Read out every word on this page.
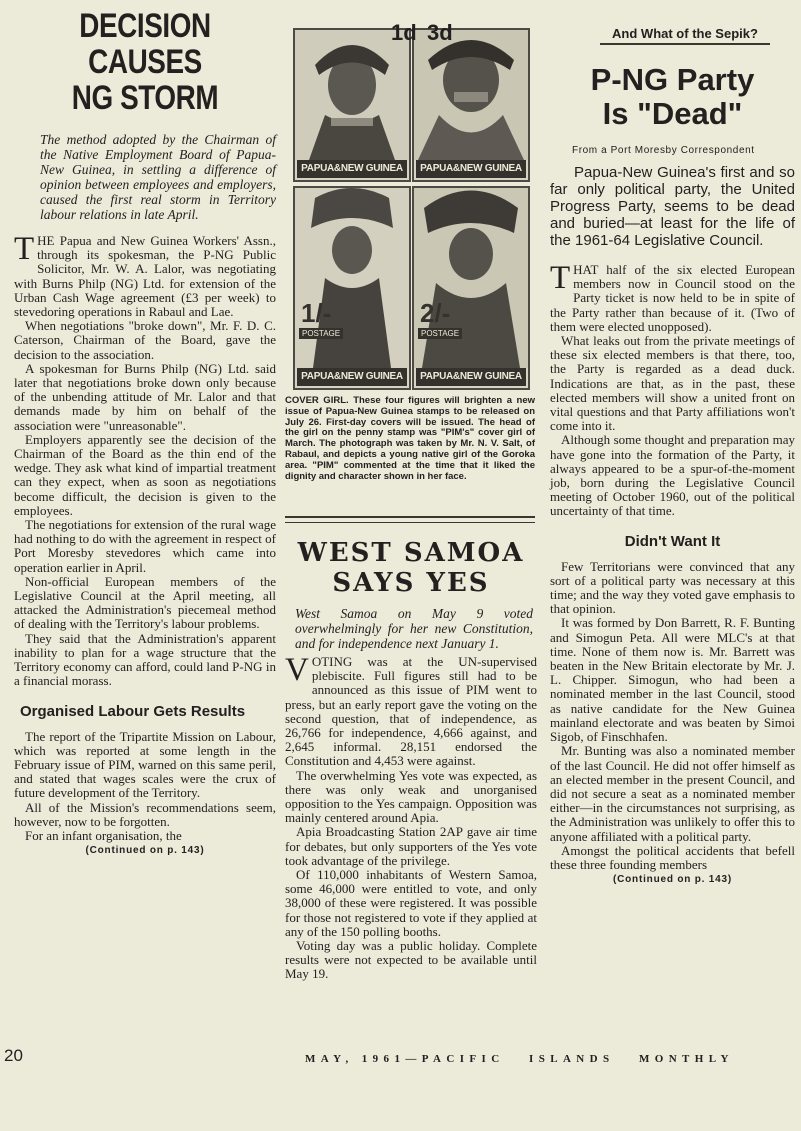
DECISION CAUSES
NG STORM

The method adopted by the Chairman of the Native Employment Board of Papua-New Guinea, in settling a difference of opinion between employees and employers, caused the first real storm in Territory labour relations in late April.

THE Papua and New Guinea Workers' Assn., through its spokesman, the P-NG Public Solicitor, Mr. W. A. Lalor, was negotiating with Burns Philp (NG) Ltd. for extension of the Urban Cash Wage agreement (£3 per week) to stevedoring operations in Rabaul and Lae.

When negotiations "broke down", Mr. F. D. C. Caterson, Chairman of the Board, gave the decision to the association.

A spokesman for Burns Philp (NG) Ltd. said later that negotiations broke down only because of the unbending attitude of Mr. Lalor and that demands made by him on behalf of the association were "unreasonable".

Employers apparently see the decision of the Chairman of the Board as the thin end of the wedge. They ask what kind of impartial treatment can they expect, when as soon as negotiations become difficult, the decision is given to the employees.

The negotiations for extension of the rural wage had nothing to do with the agreement in respect of Port Moresby stevedores which came into operation earlier in April.

Non-official European members of the Legislative Council at the April meeting, all attacked the Administration's piecemeal method of dealing with the Territory's labour problems.

They said that the Administration's apparent inability to plan for a wage structure that the Territory economy can afford, could land P-NG in a financial morass.

Organised Labour Gets Results

The report of the Tripartite Mission on Labour, which was reported at some length in the February issue of PIM, warned on this same peril, and stated that wages scales were the crux of future development of the Territory.

All of the Mission's recommendations seem, however, now to be forgotten.

For an infant organisation, the

(Continued on p. 143)
PAPUA&NEW GUINEA	PAPUA&NEW GUINEA
1/-
POSTAGE
PAPUA&NEW GUINEA
2/-
POSTAGE
PAPUA&NEW GUINEA
1d 3d
COVER GIRL. These four figures will brighten a new issue of Papua-New Guinea stamps to be released on July 26. First-day covers will be issued. The head of the girl on the penny stamp was "PIM's" cover girl of March. The photograph was taken by Mr. N. V. Salt, of Rabaul, and depicts a young native girl of the Goroka area. "PIM" commented at the time that it liked the dignity and character shown in her face.
WEST SAMOA
SAYS YES
West Samoa on May 9 voted overwhelmingly for her new Constitution, and for independence next January 1.

VOTING was at the UN-supervised plebiscite. Full figures still had to be announced as this issue of PIM went to press, but an early report gave the voting on the second question, that of independence, as 26,766 for independence, 4,666 against, and 2,645 informal. 28,151 endorsed the Constitution and 4,453 were against.

The overwhelming Yes vote was expected, as there was only weak and unorganised opposition to the Yes campaign. Opposition was mainly centered around Apia.

Apia Broadcasting Station 2AP gave air time for debates, but only supporters of the Yes vote took advantage of the privilege.

Of 110,000 inhabitants of Western Samoa, some 46,000 were entitled to vote, and only 38,000 of these were registered. It was possible for those not registered to vote if they applied at any of the 150 polling booths.

Voting day was a public holiday. Complete results were not expected to be available until May 19.

And What of the Sepik?
P-NG Party
Is "Dead"
From a Port Moresby Correspondent

Papua-New Guinea's first and so far only political party, the United Progress Party, seems to be dead and buried—at least for the life of the 1961-64 Legislative Council.

THAT half of the six elected European members now in Council stood on the Party ticket is now held to be in spite of the Party rather than because of it. (Two of them were elected unopposed).

What leaks out from the private meetings of these six elected members is that there, too, the Party is regarded as a dead duck. Indications are that, as in the past, these elected members will show a united front on vital questions and that Party affiliations won't come into it.

Although some thought and preparation may have gone into the formation of the Party, it always appeared to be a spur-of-the-moment job, born during the Legislative Council meeting of October 1960, out of the political uncertainty of that time.

Didn't Want It

Few Territorians were convinced that any sort of a political party was necessary at this time; and the way they voted gave emphasis to that opinion.

It was formed by Don Barrett, R. F. Bunting and Simogun Peta. All were MLC's at that time. None of them now is. Mr. Barrett was beaten in the New Britain electorate by Mr. J. L. Chipper. Simogun, who had been a nominated member in the last Council, stood as native candidate for the New Guinea mainland electorate and was beaten by Simoi Sigob, of Finschhafen.

Mr. Bunting was also a nominated member of the last Council. He did not offer himself as an elected member in the present Council, and did not secure a seat as a nominated member either—in the circumstances not surprising, as the Administration was unlikely to offer this to anyone affiliated with a political party.

Amongst the political accidents that befell these three founding members

(Continued on p. 143)
20	MAY, 1961—PACIFIC   ISLANDS   MONTHLY
